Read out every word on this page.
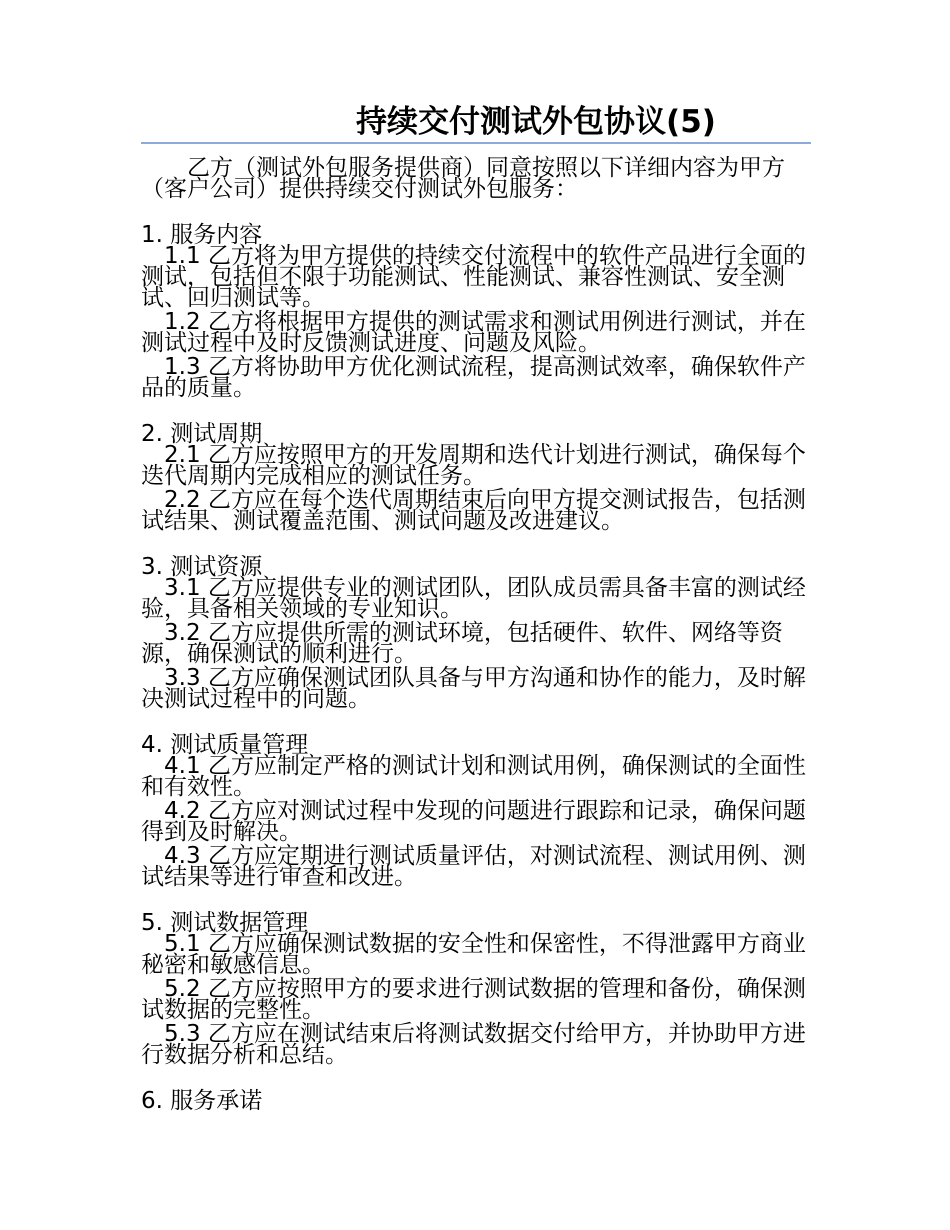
持续交付测试外包协议(5)

乙方（测试外包服务提供商）同意按照以下详细内容为甲方（客户公司）提供持续交付测试外包服务：

1. 服务内容

1.1 乙方将为甲方提供的持续交付流程中的软件产品进行全面的测试，包括但不限于功能测试、性能测试、兼容性测试、安全测试、回归测试等。

1.2 乙方将根据甲方提供的测试需求和测试用例进行测试，并在测试过程中及时反馈测试进度、问题及风险。

1.3 乙方将协助甲方优化测试流程，提高测试效率，确保软件产品的质量。

2. 测试周期

2.1 乙方应按照甲方的开发周期和迭代计划进行测试，确保每个迭代周期内完成相应的测试任务。

2.2 乙方应在每个迭代周期结束后向甲方提交测试报告，包括测试结果、测试覆盖范围、测试问题及改进建议。

3. 测试资源

3.1 乙方应提供专业的测试团队，团队成员需具备丰富的测试经验，具备相关领域的专业知识。

3.2 乙方应提供所需的测试环境，包括硬件、软件、网络等资源，确保测试的顺利进行。

3.3 乙方应确保测试团队具备与甲方沟通和协作的能力，及时解决测试过程中的问题。

4. 测试质量管理

4.1 乙方应制定严格的测试计划和测试用例，确保测试的全面性和有效性。

4.2 乙方应对测试过程中发现的问题进行跟踪和记录，确保问题得到及时解决。

4.3 乙方应定期进行测试质量评估，对测试流程、测试用例、测试结果等进行审查和改进。

5. 测试数据管理

5.1 乙方应确保测试数据的安全性和保密性，不得泄露甲方商业秘密和敏感信息。

5.2 乙方应按照甲方的要求进行测试数据的管理和备份，确保测试数据的完整性。

5.3 乙方应在测试结束后将测试数据交付给甲方，并协助甲方进行数据分析和总结。

6. 服务承诺
